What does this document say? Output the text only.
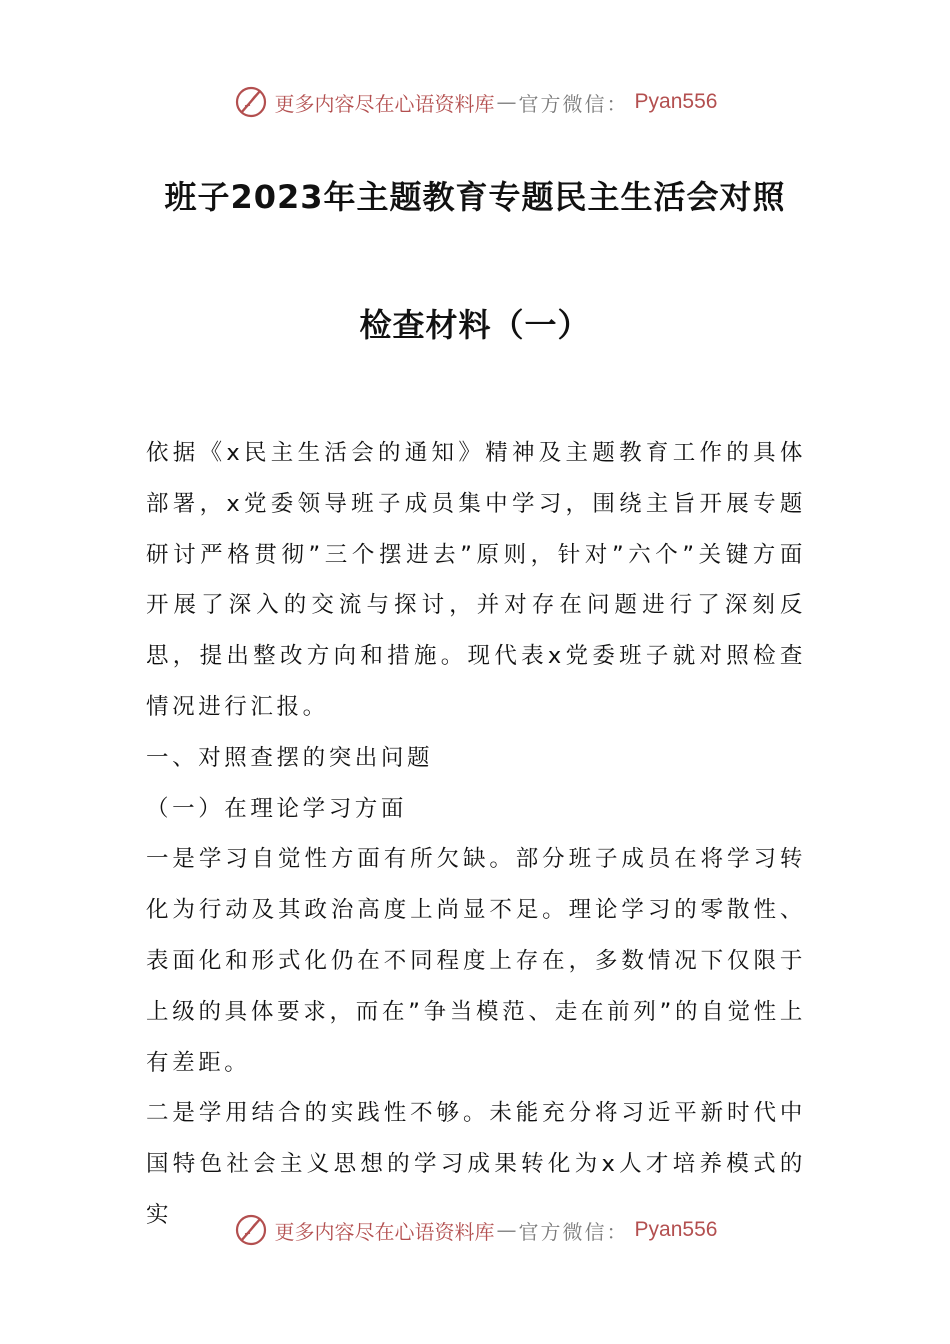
更多内容尽在心语资料库 — 官方微信： Pyan556
班子2023年主题教育专题民主生活会对照
检查材料（一）

依据《x民主生活会的通知》精神及主题教育工作的具体部署，x党委领导班子成员集中学习，围绕主旨开展专题研讨严格贯彻”三个摆进去”原则，针对”六个”关键方面开展了深入的交流与探讨，并对存在问题进行了深刻反思，提出整改方向和措施。现代表x党委班子就对照检查情况进行汇报。

一、对照查摆的突出问题

（一）在理论学习方面

一是学习自觉性方面有所欠缺。部分班子成员在将学习转化为行动及其政治高度上尚显不足。理论学习的零散性、表面化和形式化仍在不同程度上存在，多数情况下仅限于上级的具体要求，而在”争当模范、走在前列”的自觉性上有差距。

二是学用结合的实践性不够。未能充分将习近平新时代中国特色社会主义思想的学习成果转化为x人才培养模式的实

更多内容尽在心语资料库 — 官方微信： Pyan556
